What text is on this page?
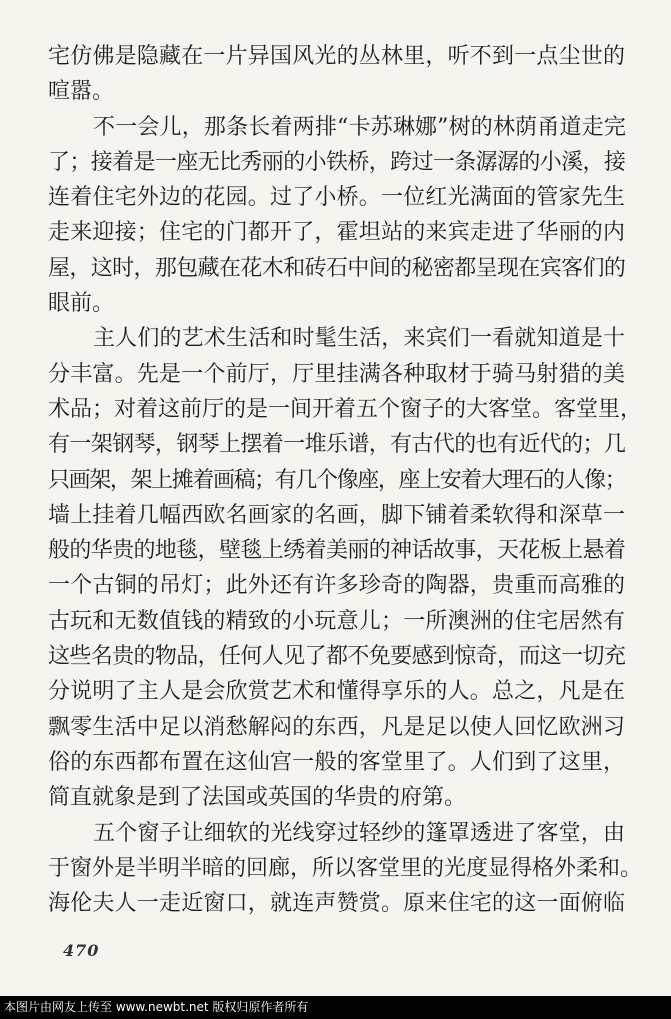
宅仿佛是隐藏在一片异国风光的丛林里，听不到一点尘世的
喧嚣。
不一会儿，那条长着两排“卡苏琳娜”树的林荫甬道走完
了；接着是一座无比秀丽的小铁桥，跨过一条潺潺的小溪，接
连着住宅外边的花园。过了小桥。一位红光满面的管家先生
走来迎接；住宅的门都开了，霍坦站的来宾走进了华丽的内
屋，这时，那包藏在花木和砖石中间的秘密都呈现在宾客们的
眼前。
主人们的艺术生活和时髦生活，来宾们一看就知道是十
分丰富。先是一个前厅，厅里挂满各种取材于骑马射猎的美
术品；对着这前厅的是一间开着五个窗子的大客堂。客堂里，
有一架钢琴，钢琴上摆着一堆乐谱，有古代的也有近代的；几
只画架，架上摊着画稿；有几个像座，座上安着大理石的人像；
墙上挂着几幅西欧名画家的名画，脚下铺着柔软得和深草一
般的华贵的地毯，壁毯上绣着美丽的神话故事，天花板上悬着
一个古铜的吊灯；此外还有许多珍奇的陶器，贵重而高雅的
古玩和无数值钱的精致的小玩意儿；一所澳洲的住宅居然有
这些名贵的物品，任何人见了都不免要感到惊奇，而这一切充
分说明了主人是会欣赏艺术和懂得享乐的人。总之，凡是在
飘零生活中足以消愁解闷的东西，凡是足以使人回忆欧洲习
俗的东西都布置在这仙宫一般的客堂里了。人们到了这里，
简直就象是到了法国或英国的华贵的府第。
五个窗子让细软的光线穿过轻纱的篷罩透进了客堂，由
于窗外是半明半暗的回廊，所以客堂里的光度显得格外柔和。
海伦夫人一走近窗口，就连声赞赏。原来住宅的这一面俯临
470
本图片由网友上传至 www.newbt.net 版权归原作者所有
